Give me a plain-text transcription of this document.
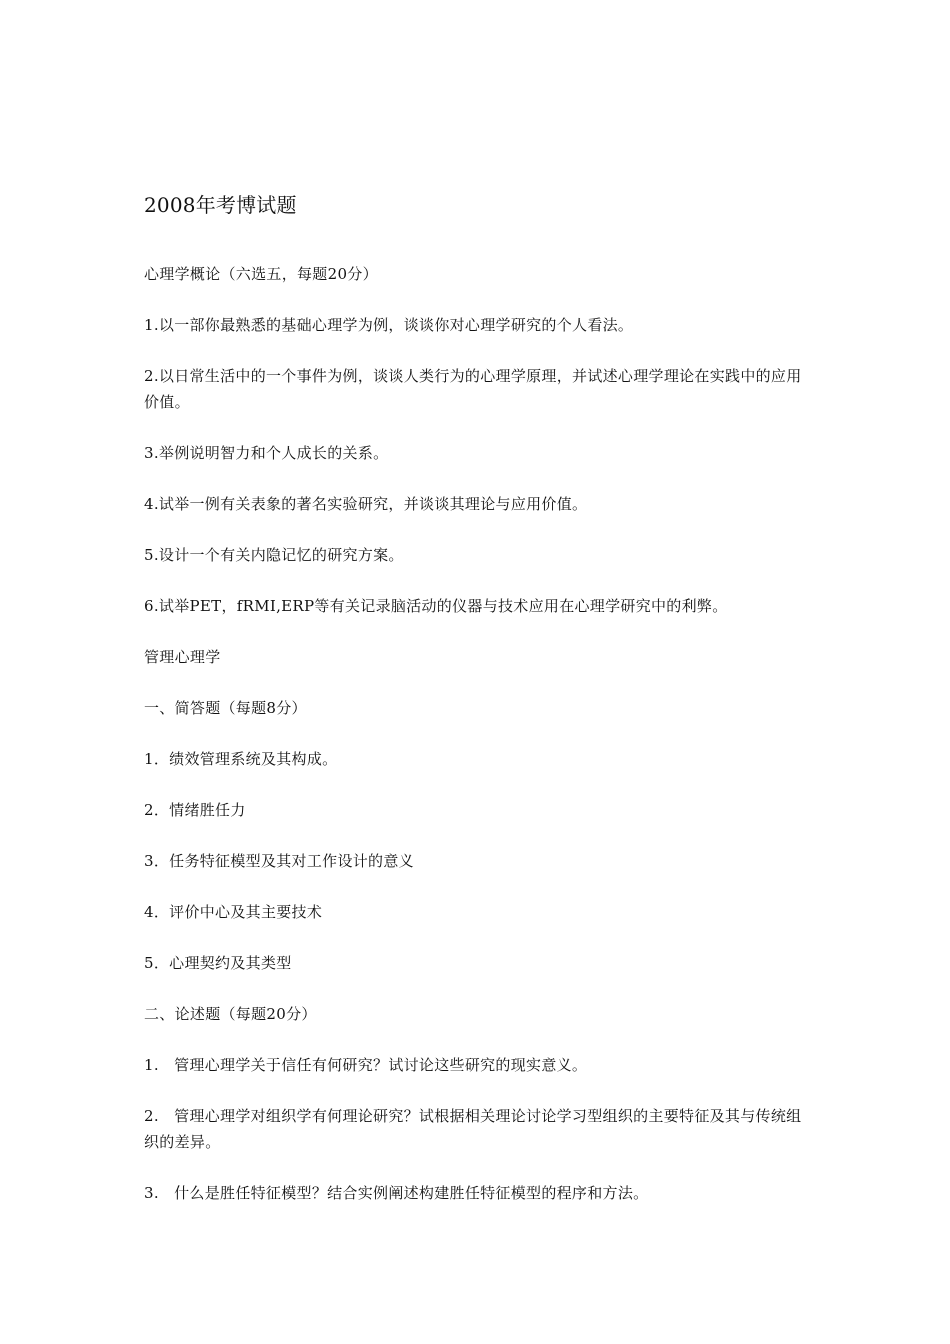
2008年考博试题

心理学概论（六选五，每题20分）

1.以一部你最熟悉的基础心理学为例，谈谈你对心理学研究的个人看法。

2.以日常生活中的一个事件为例，谈谈人类行为的心理学原理，并试述心理学理论在实践中的应用价值。

3.举例说明智力和个人成长的关系。

4.试举一例有关表象的著名实验研究，并谈谈其理论与应用价值。

5.设计一个有关内隐记忆的研究方案。

6.试举PET，fRMI,ERP等有关记录脑活动的仪器与技术应用在心理学研究中的利弊。

管理心理学

一、简答题（每题8分）

1．绩效管理系统及其构成。

2．情绪胜任力

3．任务特征模型及其对工作设计的意义

4．评价中心及其主要技术

5．心理契约及其类型

二、论述题（每题20分）

1.   管理心理学关于信任有何研究？试讨论这些研究的现实意义。

2.   管理心理学对组织学有何理论研究？试根据相关理论讨论学习型组织的主要特征及其与传统组织的差异。

3.   什么是胜任特征模型？结合实例阐述构建胜任特征模型的程序和方法。
